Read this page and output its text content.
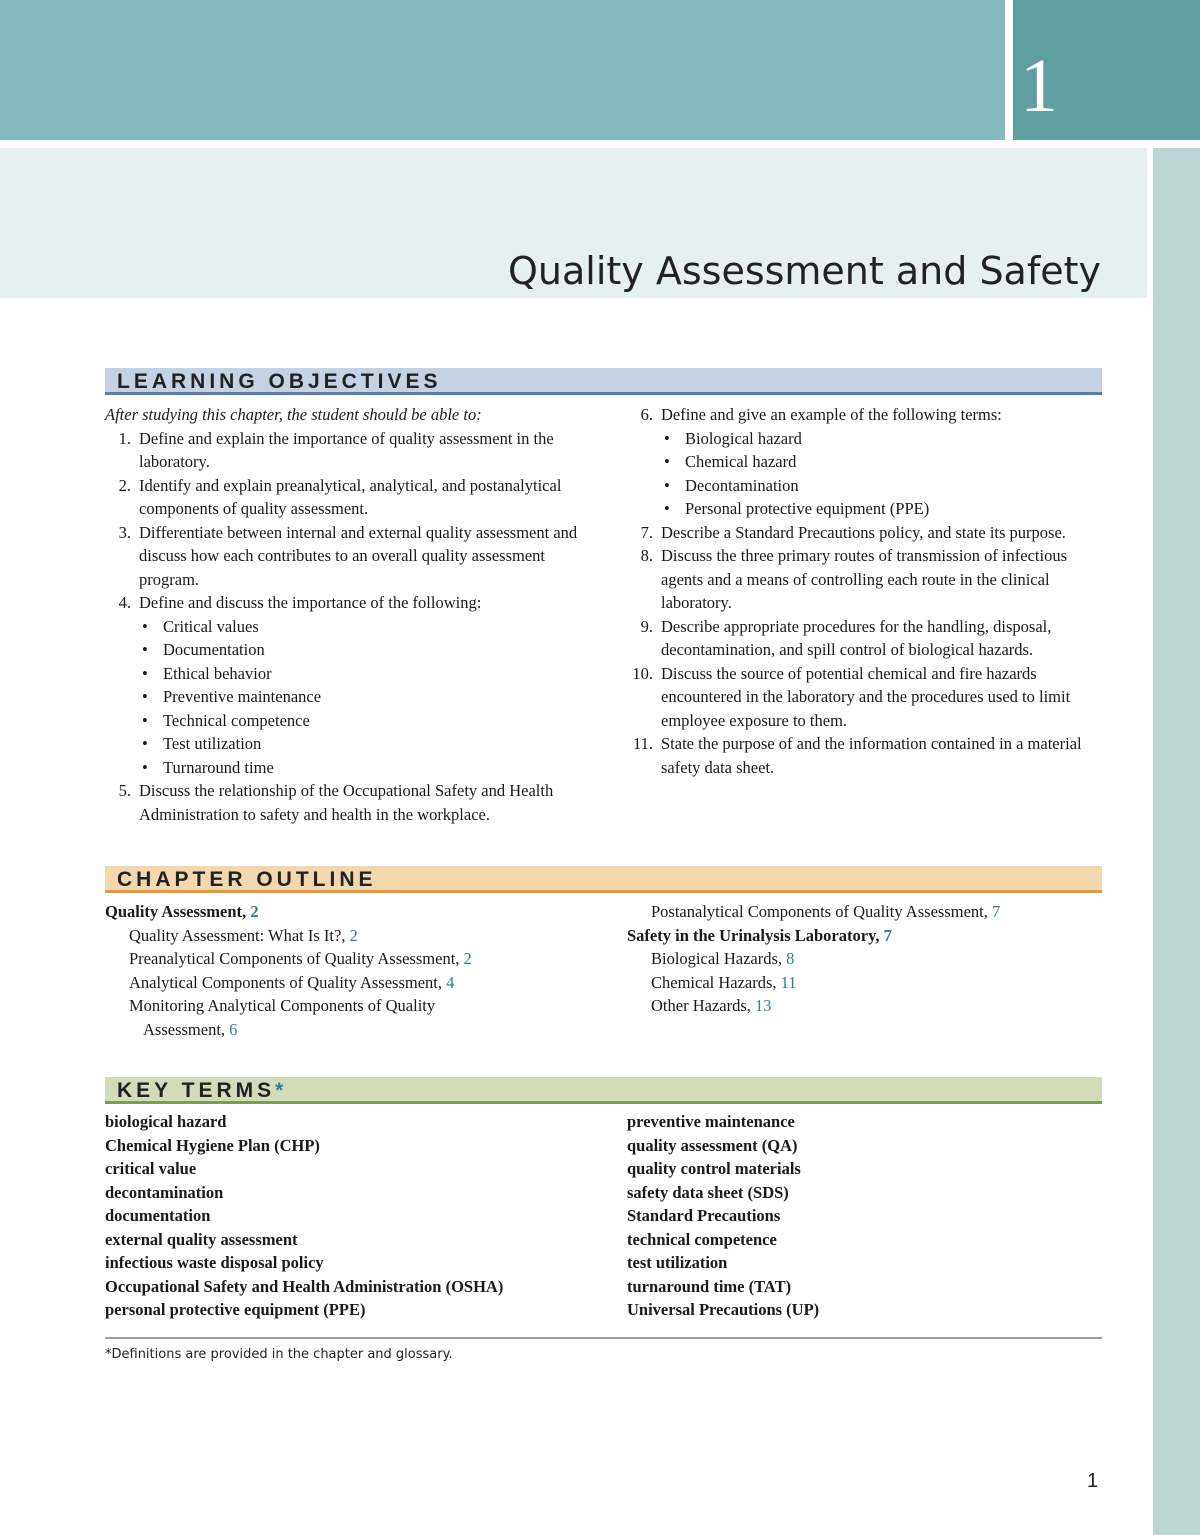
1
Quality Assessment and Safety
LEARNING OBJECTIVES
After studying this chapter, the student should be able to:
1. Define and explain the importance of quality assessment in the laboratory.
2. Identify and explain preanalytical, analytical, and postanalytical components of quality assessment.
3. Differentiate between internal and external quality assessment and discuss how each contributes to an overall quality assessment program.
4. Define and discuss the importance of the following:
• Critical values
• Documentation
• Ethical behavior
• Preventive maintenance
• Technical competence
• Test utilization
• Turnaround time
5. Discuss the relationship of the Occupational Safety and Health Administration to safety and health in the workplace.
6. Define and give an example of the following terms:
• Biological hazard
• Chemical hazard
• Decontamination
• Personal protective equipment (PPE)
7. Describe a Standard Precautions policy, and state its purpose.
8. Discuss the three primary routes of transmission of infectious agents and a means of controlling each route in the clinical laboratory.
9. Describe appropriate procedures for the handling, disposal, decontamination, and spill control of biological hazards.
10. Discuss the source of potential chemical and fire hazards encountered in the laboratory and the procedures used to limit employee exposure to them.
11. State the purpose of and the information contained in a material safety data sheet.
CHAPTER OUTLINE
Quality Assessment, 2
Quality Assessment: What Is It?, 2
Preanalytical Components of Quality Assessment, 2
Analytical Components of Quality Assessment, 4
Monitoring Analytical Components of Quality
Assessment, 6
Postanalytical Components of Quality Assessment, 7
Safety in the Urinalysis Laboratory, 7
Biological Hazards, 8
Chemical Hazards, 11
Other Hazards, 13
KEY TERMS*
biological hazard
Chemical Hygiene Plan (CHP)
critical value
decontamination
documentation
external quality assessment
infectious waste disposal policy
Occupational Safety and Health Administration (OSHA)
personal protective equipment (PPE)
preventive maintenance
quality assessment (QA)
quality control materials
safety data sheet (SDS)
Standard Precautions
technical competence
test utilization
turnaround time (TAT)
Universal Precautions (UP)
*Definitions are provided in the chapter and glossary.
1
